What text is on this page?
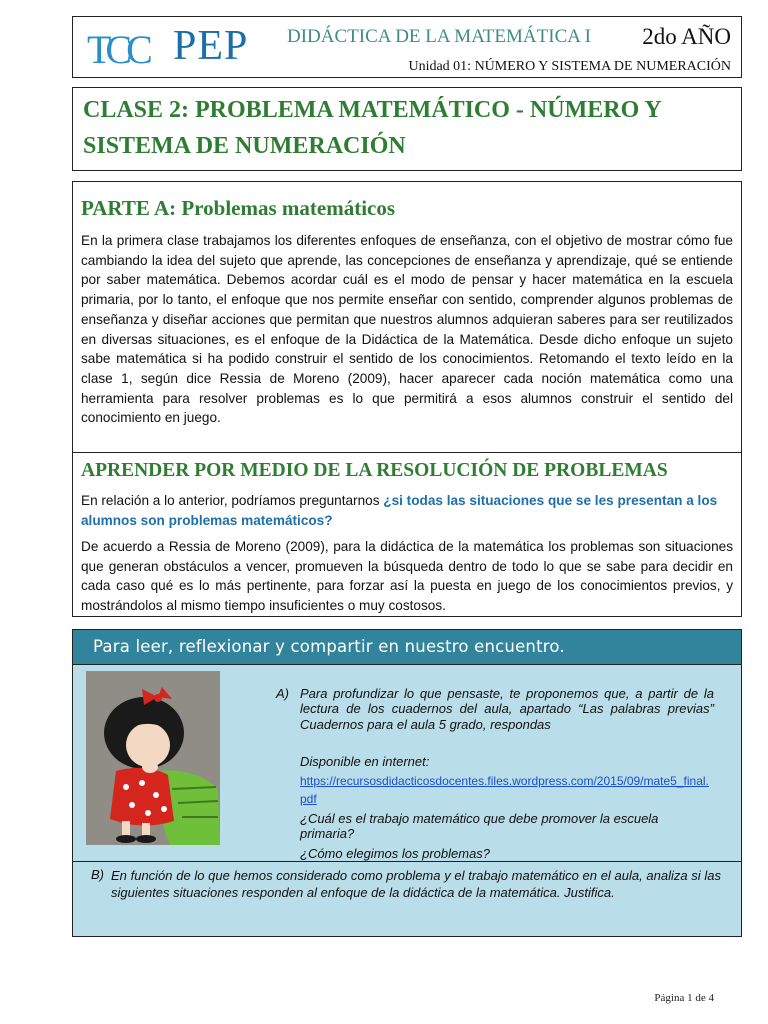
TCC PEP DIDÁCTICA DE LA MATEMÁTICA I 2do AÑO
Unidad 01: NÚMERO Y SISTEMA DE NUMERACIÓN
CLASE 2: PROBLEMA MATEMÁTICO - NÚMERO Y SISTEMA DE NUMERACIÓN
PARTE A: Problemas matemáticos

En la primera clase trabajamos los diferentes enfoques de enseñanza, con el objetivo de mostrar cómo fue cambiando la idea del sujeto que aprende, las concepciones de enseñanza y aprendizaje, qué se entiende por saber matemática. Debemos acordar cuál es el modo de pensar y hacer matemática en la escuela primaria, por lo tanto, el enfoque que nos permite enseñar con sentido, comprender algunos problemas de enseñanza y diseñar acciones que permitan que nuestros alumnos adquieran saberes para ser reutilizados en diversas situaciones, es el enfoque de la Didáctica de la Matemática. Desde dicho enfoque un sujeto sabe matemática si ha podido construir el sentido de los conocimientos. Retomando el texto leído en la clase 1, según dice Ressia de Moreno (2009), hacer aparecer cada noción matemática como una herramienta para resolver problemas es lo que permitirá a esos alumnos construir el sentido del conocimiento en juego.

APRENDER POR MEDIO DE LA RESOLUCIÓN DE PROBLEMAS

En relación a lo anterior, podríamos preguntarnos ¿si todas las situaciones que se les presentan a los alumnos son problemas matemáticos?

De acuerdo a Ressia de Moreno (2009), para la didáctica de la matemática los problemas son situaciones que generan obstáculos a vencer, promueven la búsqueda dentro de todo lo que se sabe para decidir en cada caso qué es lo más pertinente, para forzar así la puesta en juego de los conocimientos previos, y mostrándolos al mismo tiempo insuficientes o muy costosos.

Para leer, reflexionar y compartir en nuestro encuentro.
A) Para profundizar lo que pensaste, te proponemos que, a partir de la lectura de los cuadernos del aula, apartado “Las palabras previas” Cuadernos para el aula 5 grado, respondas

Disponible en internet:

https://recursosdidacticosdocentes.files.wordpress.com/2015/09/mate5_final.pdf

¿Cuál es el trabajo matemático que debe promover la escuela primaria?

¿Cómo elegimos los problemas?

B) En función de lo que hemos considerado como problema y el trabajo matemático en el aula, analiza si las siguientes situaciones responden al enfoque de la didáctica de la matemática. Justifica.

Página 1 de 4
